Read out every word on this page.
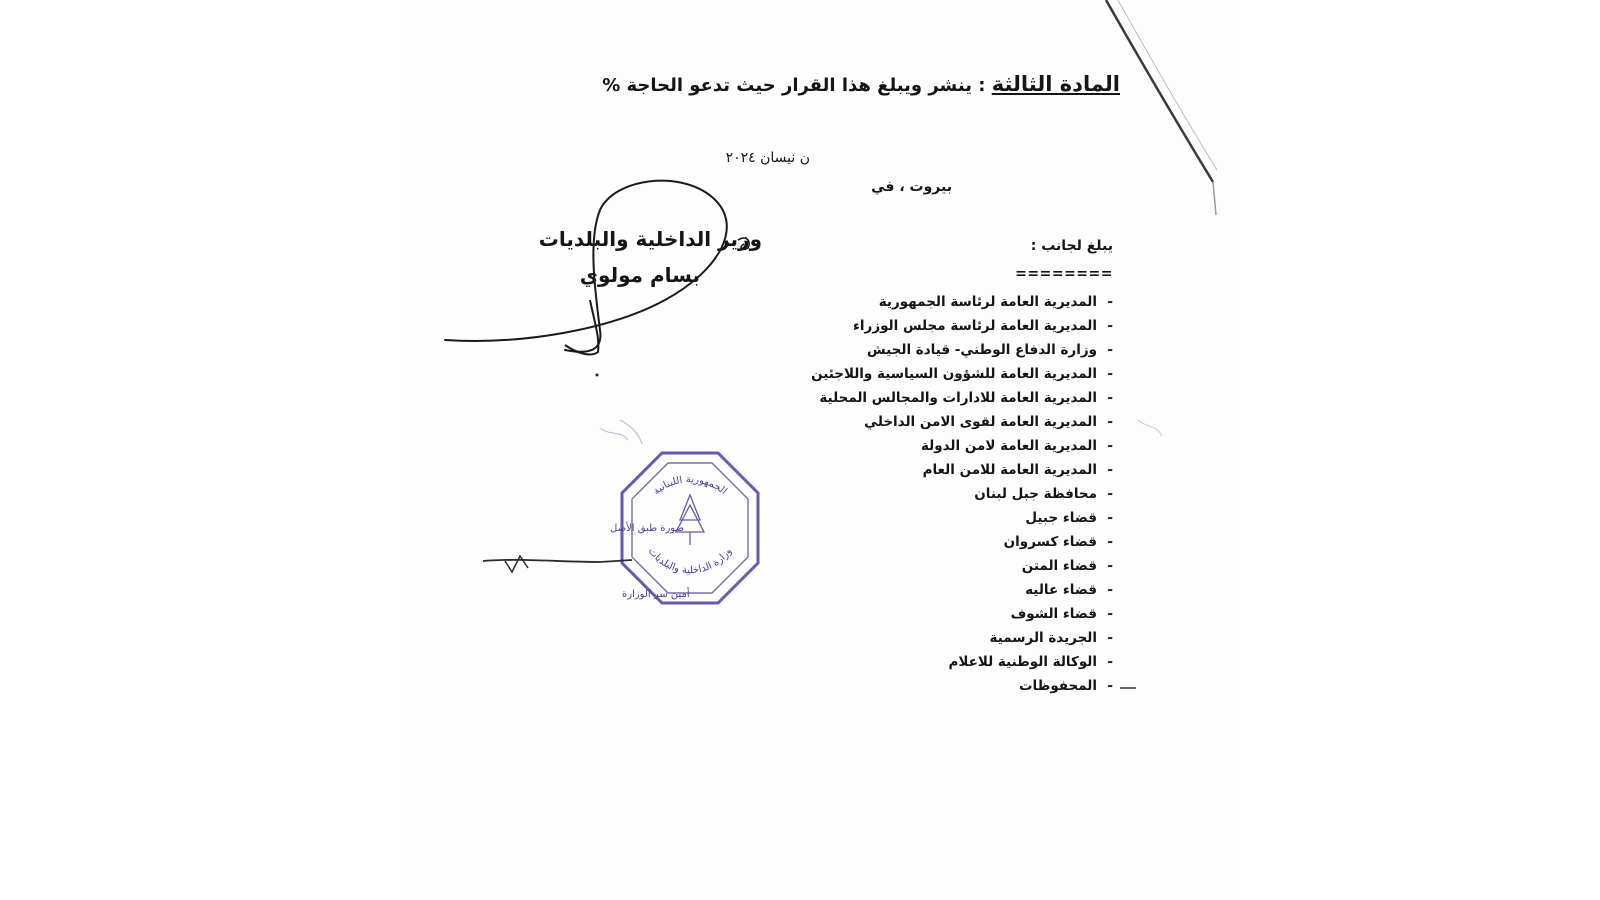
المادة الثالثة : ينشر ويبلغ هذا القرار حيث تدعو الحاجة %
ن نيسان ٢٠٢٤
بيروت ، في
وزير الداخلية والبلديات
بسام مولوي
يبلغ لجانب :
========
-المديرية العامة لرئاسة الجمهورية
-المديرية العامة لرئاسة مجلس الوزراء
-وزارة الدفاع الوطني- قيادة الجيش
-المديرية العامة للشؤون السياسية واللاجئين
-المديرية العامة للادارات والمجالس المحلية
-المديرية العامة لقوى الامن الداخلي
-المديرية العامة لامن الدولة
-المديرية العامة للامن العام
-محافظة جبل لبنان
-قضاء جبيل
-قضاء كسروان
-قضاء المتن
-قضاء عاليه
-قضاء الشوف
-الجريدة الرسمية
-الوكالة الوطنية للاعلام
-المحفوظات
الجمهورية اللبنانية
وزارة الداخلية والبلديات
صورة طبق الأصل
أمين سر الوزارة
